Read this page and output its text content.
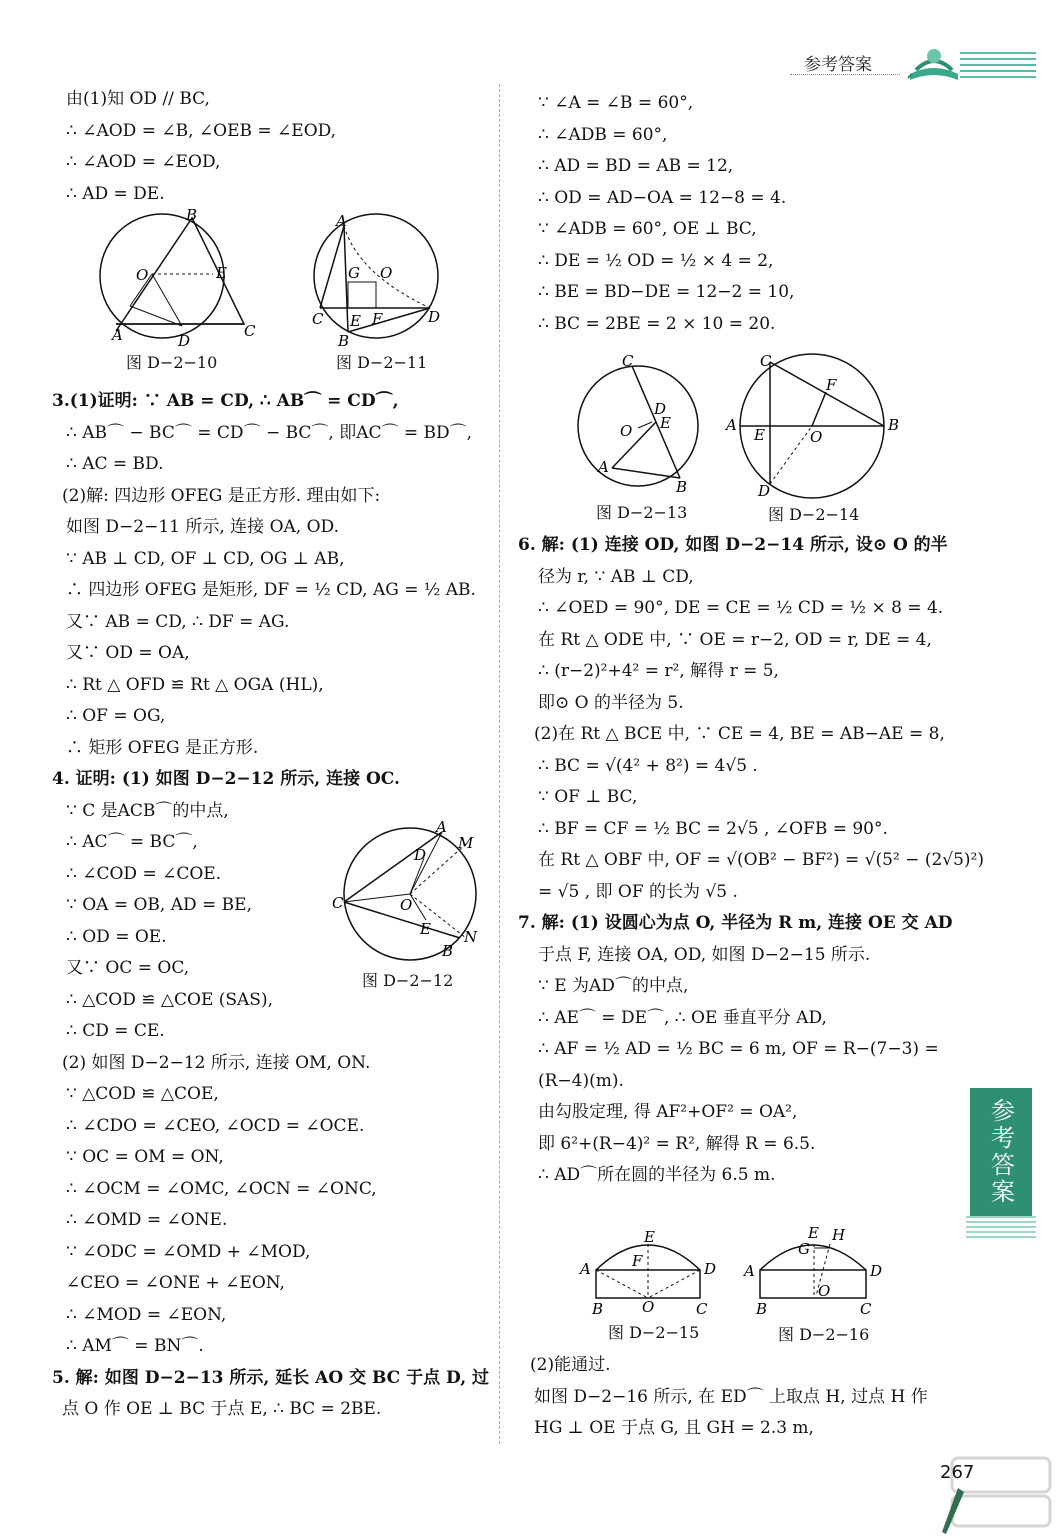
参考答案
由(1)知 OD // BC,
∴ ∠AOD = ∠B, ∠OEB = ∠EOD,
∴ ∠AOD = ∠EOD,
∴ AD = DE.
B
O	E
A	D
C
图 D−2−10
A
G O
C E F	D
B
图 D−2−11
3.(1)证明: ∵ AB = CD, ∴ AB⌒ = CD⌒,
∴ AB⌒ − BC⌒ = CD⌒ − BC⌒, 即AC⌒ = BD⌒,
∴ AC = BD.
(2)解: 四边形 OFEG 是正方形. 理由如下:
如图 D−2−11 所示, 连接 OA, OD.
∵ AB ⊥ CD, OF ⊥ CD, OG ⊥ AB,
∴ 四边形 OFEG 是矩形, DF = ½ CD, AG = ½ AB.
又∵ AB = CD, ∴ DF = AG.
又∵ OD = OA,
∴ Rt △ OFD ≌ Rt △ OGA (HL),
∴ OF = OG,
∴ 矩形 OFEG 是正方形.
4. 证明: (1) 如图 D−2−12 所示, 连接 OC.
∵ C 是ACB⌒的中点,
∴ AC⌒ = BC⌒,
∴ ∠COD = ∠COE.
∵ OA = OB, AD = BE,
∴ OD = OE.
又∵ OC = OC,
∴ △COD ≌ △COE (SAS),
∴ CD = CE.
(2) 如图 D−2−12 所示, 连接 OM, ON.
∵ △COD ≌ △COE,
∴ ∠CDO = ∠CEO, ∠OCD = ∠OCE.
∵ OC = OM = ON,
∴ ∠OCM = ∠OMC, ∠OCN = ∠ONC,
∴ ∠OMD = ∠ONE.
∵ ∠ODC = ∠OMD + ∠MOD,
∠CEO = ∠ONE + ∠EON,
∴ ∠MOD = ∠EON,
∴ AM⌒ = BN⌒.
5. 解: 如图 D−2−13 所示, 延长 AO 交 BC 于点 D, 过
点 O 作 OE ⊥ BC 于点 E, ∴ BC = 2BE.
A
M
D
C	O
E N
B
图 D−2−12
∵ ∠A = ∠B = 60°,
∴ ∠ADB = 60°,
∴ AD = BD = AB = 12,
∴ OD = AD−OA = 12−8 = 4.
∵ ∠ADB = 60°, OE ⊥ BC,
∴ DE = ½ OD = ½ × 4 = 2,
∴ BE = BD−DE = 12−2 = 10,
∴ BC = 2BE = 2 × 10 = 20.
C
D
O E
A
B
图 D−2−13
C
F
A
E	O
B
D
图 D−2−14
6. 解: (1) 连接 OD, 如图 D−2−14 所示, 设⊙ O 的半
径为 r, ∵ AB ⊥ CD,
∴ ∠OED = 90°, DE = CE = ½ CD = ½ × 8 = 4.
在 Rt △ ODE 中, ∵ OE = r−2, OD = r, DE = 4,
∴ (r−2)²+4² = r², 解得 r = 5,
即⊙ O 的半径为 5.
(2)在 Rt △ BCE 中, ∵ CE = 4, BE = AB−AE = 8,
∴ BC = √(4² + 8²) = 4√5 .
∵ OF ⊥ BC,
∴ BF = CF = ½ BC = 2√5 , ∠OFB = 90°.
在 Rt △ OBF 中, OF = √(OB² − BF²) = √(5² − (2√5)²)
= √5 , 即 OF 的长为 √5 .
7. 解: (1) 设圆心为点 O, 半径为 R m, 连接 OE 交 AD
于点 F, 连接 OA, OD, 如图 D−2−15 所示.
∵ E 为AD⌒的中点,
∴ AE⌒ = DE⌒, ∴ OE 垂直平分 AD,
∴ AF = ½ AD = ½ BC = 6 m, OF = R−(7−3) =
(R−4)(m).
由勾股定理, 得 AF²+OF² = OA²,
即 6²+(R−4)² = R², 解得 R = 6.5.
∴ AD⌒所在圆的半径为 6.5 m.
E
F
A	D
B	O	C
图 D−2−15
E H
G
A	D
O
B	C
图 D−2−16
(2)能通过.
如图 D−2−16 所示, 在 ED⌒ 上取点 H, 过点 H 作
HG ⊥ OE 于点 G, 且 GH = 2.3 m,
参考答案
267
